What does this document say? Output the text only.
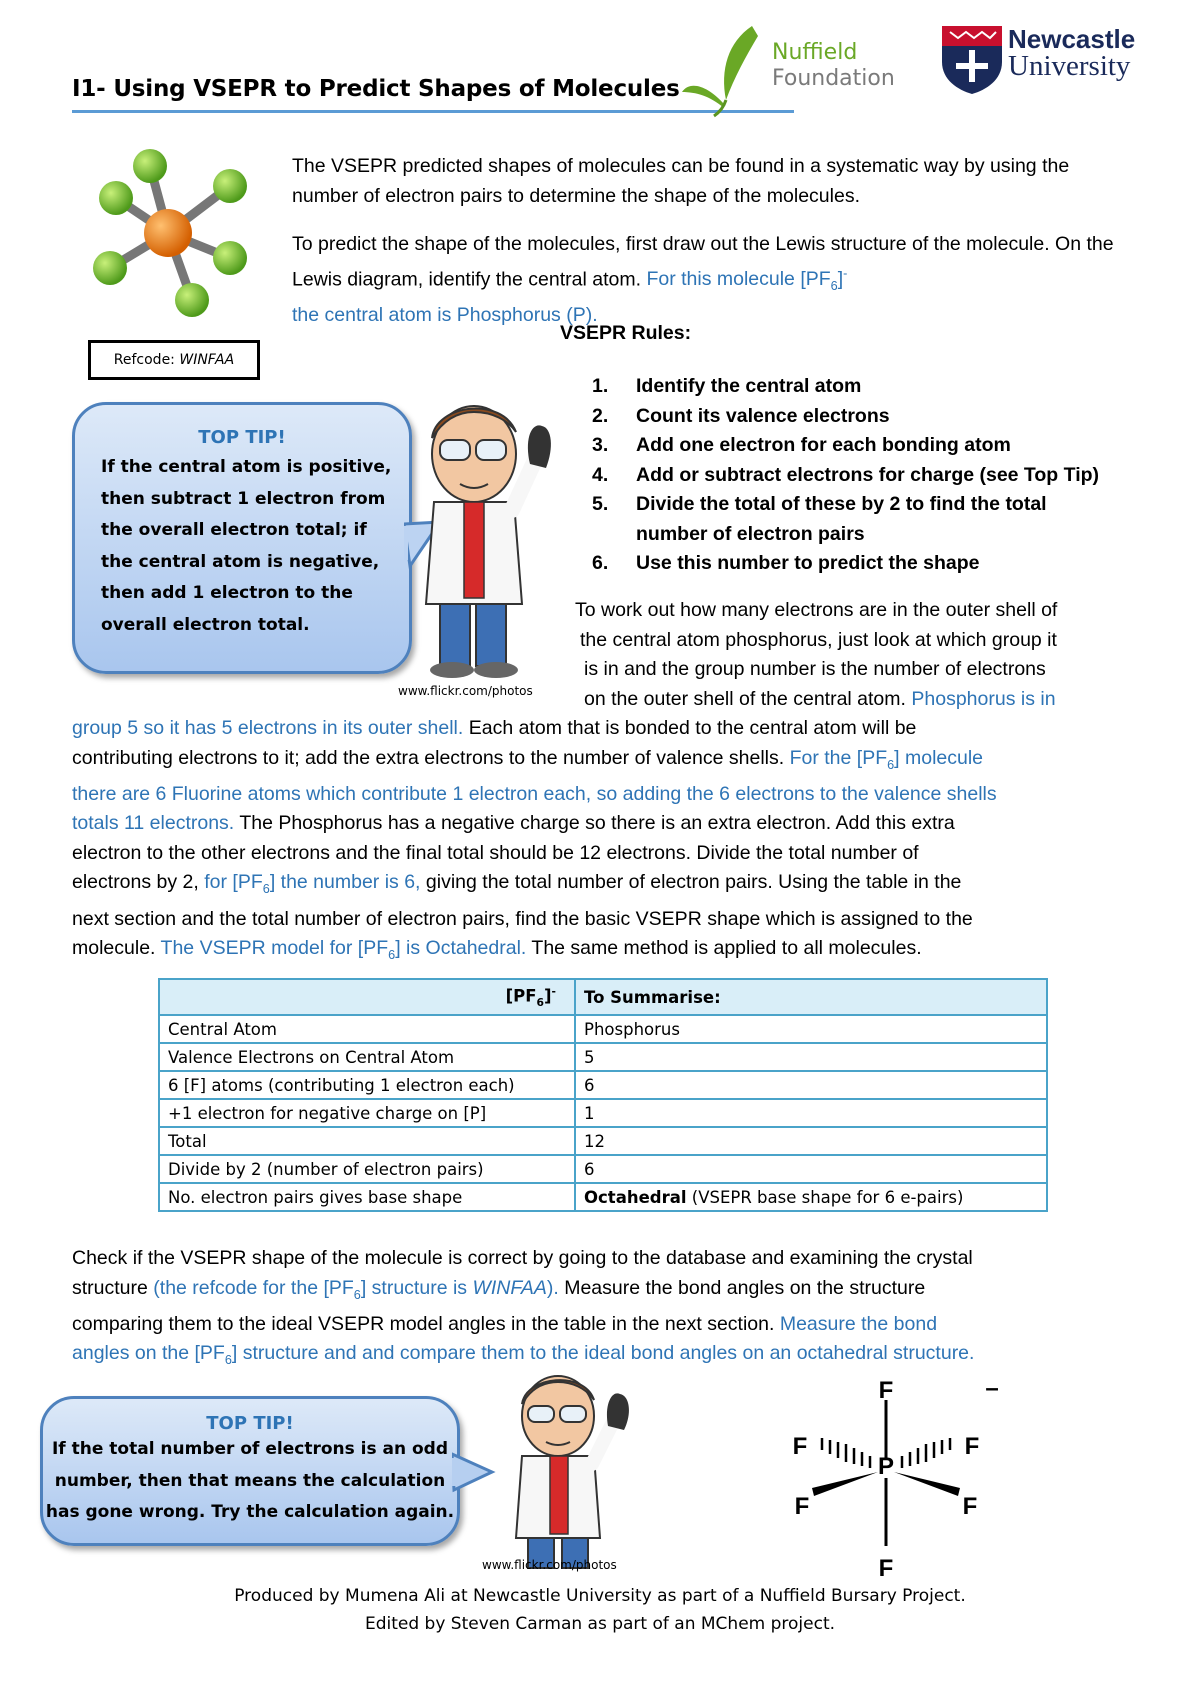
I1- Using VSEPR to Predict Shapes of Molecules
Nuffield
Foundation
Newcastle
University
Refcode: WINFAA
The VSEPR predicted shapes of molecules can be found in a systematic way by using the number of electron pairs to determine the shape of the molecules.
To predict the shape of the molecules, first draw out the Lewis structure of the molecule. On the Lewis diagram, identify the central atom. For this molecule $[PF_6]^-$
the central atom is Phosphorus (P).
VSEPR Rules:
1. Identify the central atom
2. Count its valence electrons
3. Add one electron for each bonding atom
4. Add or subtract electrons for charge (see Top Tip)
5. Divide the total of these by 2 to find the total number of electron pairs
6. Use this number to predict the shape
TOP TIP!
If the central atom is positive,
then subtract 1 electron from
the overall electron total; if
the central atom is negative,
then add 1 electron to the
overall electron total.
www.flickr.com/photos
To work out how many electrons are in the outer shell of
the central atom phosphorus, just look at which group it
is in and the group number is the number of electrons
on the outer shell of the central atom. Phosphorus is in
group 5 so it has 5 electrons in its outer shell. Each atom that is bonded to the central atom will be
contributing electrons to it; add the extra electrons to the number of valence shells. For the $[PF_6]$ molecule
there are 6 Fluorine atoms which contribute 1 electron each, so adding the 6 electrons to the valence shells
totals 11 electrons. The Phosphorus has a negative charge so there is an extra electron. Add this extra
electron to the other electrons and the final total should be 12 electrons. Divide the total number of
electrons by 2, for $[PF_6]$ the number is 6, giving the total number of electron pairs. Using the table in the
next section and the total number of electron pairs, find the basic VSEPR shape which is assigned to the
molecule. The VSEPR model for $[PF_6]$ is Octahedral. The same method is applied to all molecules.
$[PF_6]^-$	To Summarise:
Central Atom	Phosphorus
Valence Electrons on Central Atom	5
6 [F] atoms (contributing 1 electron each)	6
+1 electron for negative charge on [P]	1
Total	12
Divide by 2 (number of electron pairs)	6
No. electron pairs gives base shape	Octahedral (VSEPR base shape for 6 e-pairs)
Check if the VSEPR shape of the molecule is correct by going to the database and examining the crystal
structure (the refcode for the $[PF_6]$ structure is WINFAA). Measure the bond angles on the structure
comparing them to the ideal VSEPR model angles in the table in the next section. Measure the bond
angles on the $[PF_6]$ structure and and compare them to the ideal bond angles on an octahedral structure.
TOP TIP!
If the total number of electrons is an odd
number, then that means the calculation
has gone wrong. Try the calculation again.
www.flickr.com/photos
P
F
F
F	F
F	F
–
Produced by Mumena Ali at Newcastle University as part of a Nuffield Bursary Project.
Edited by Steven Carman as part of an MChem project.
